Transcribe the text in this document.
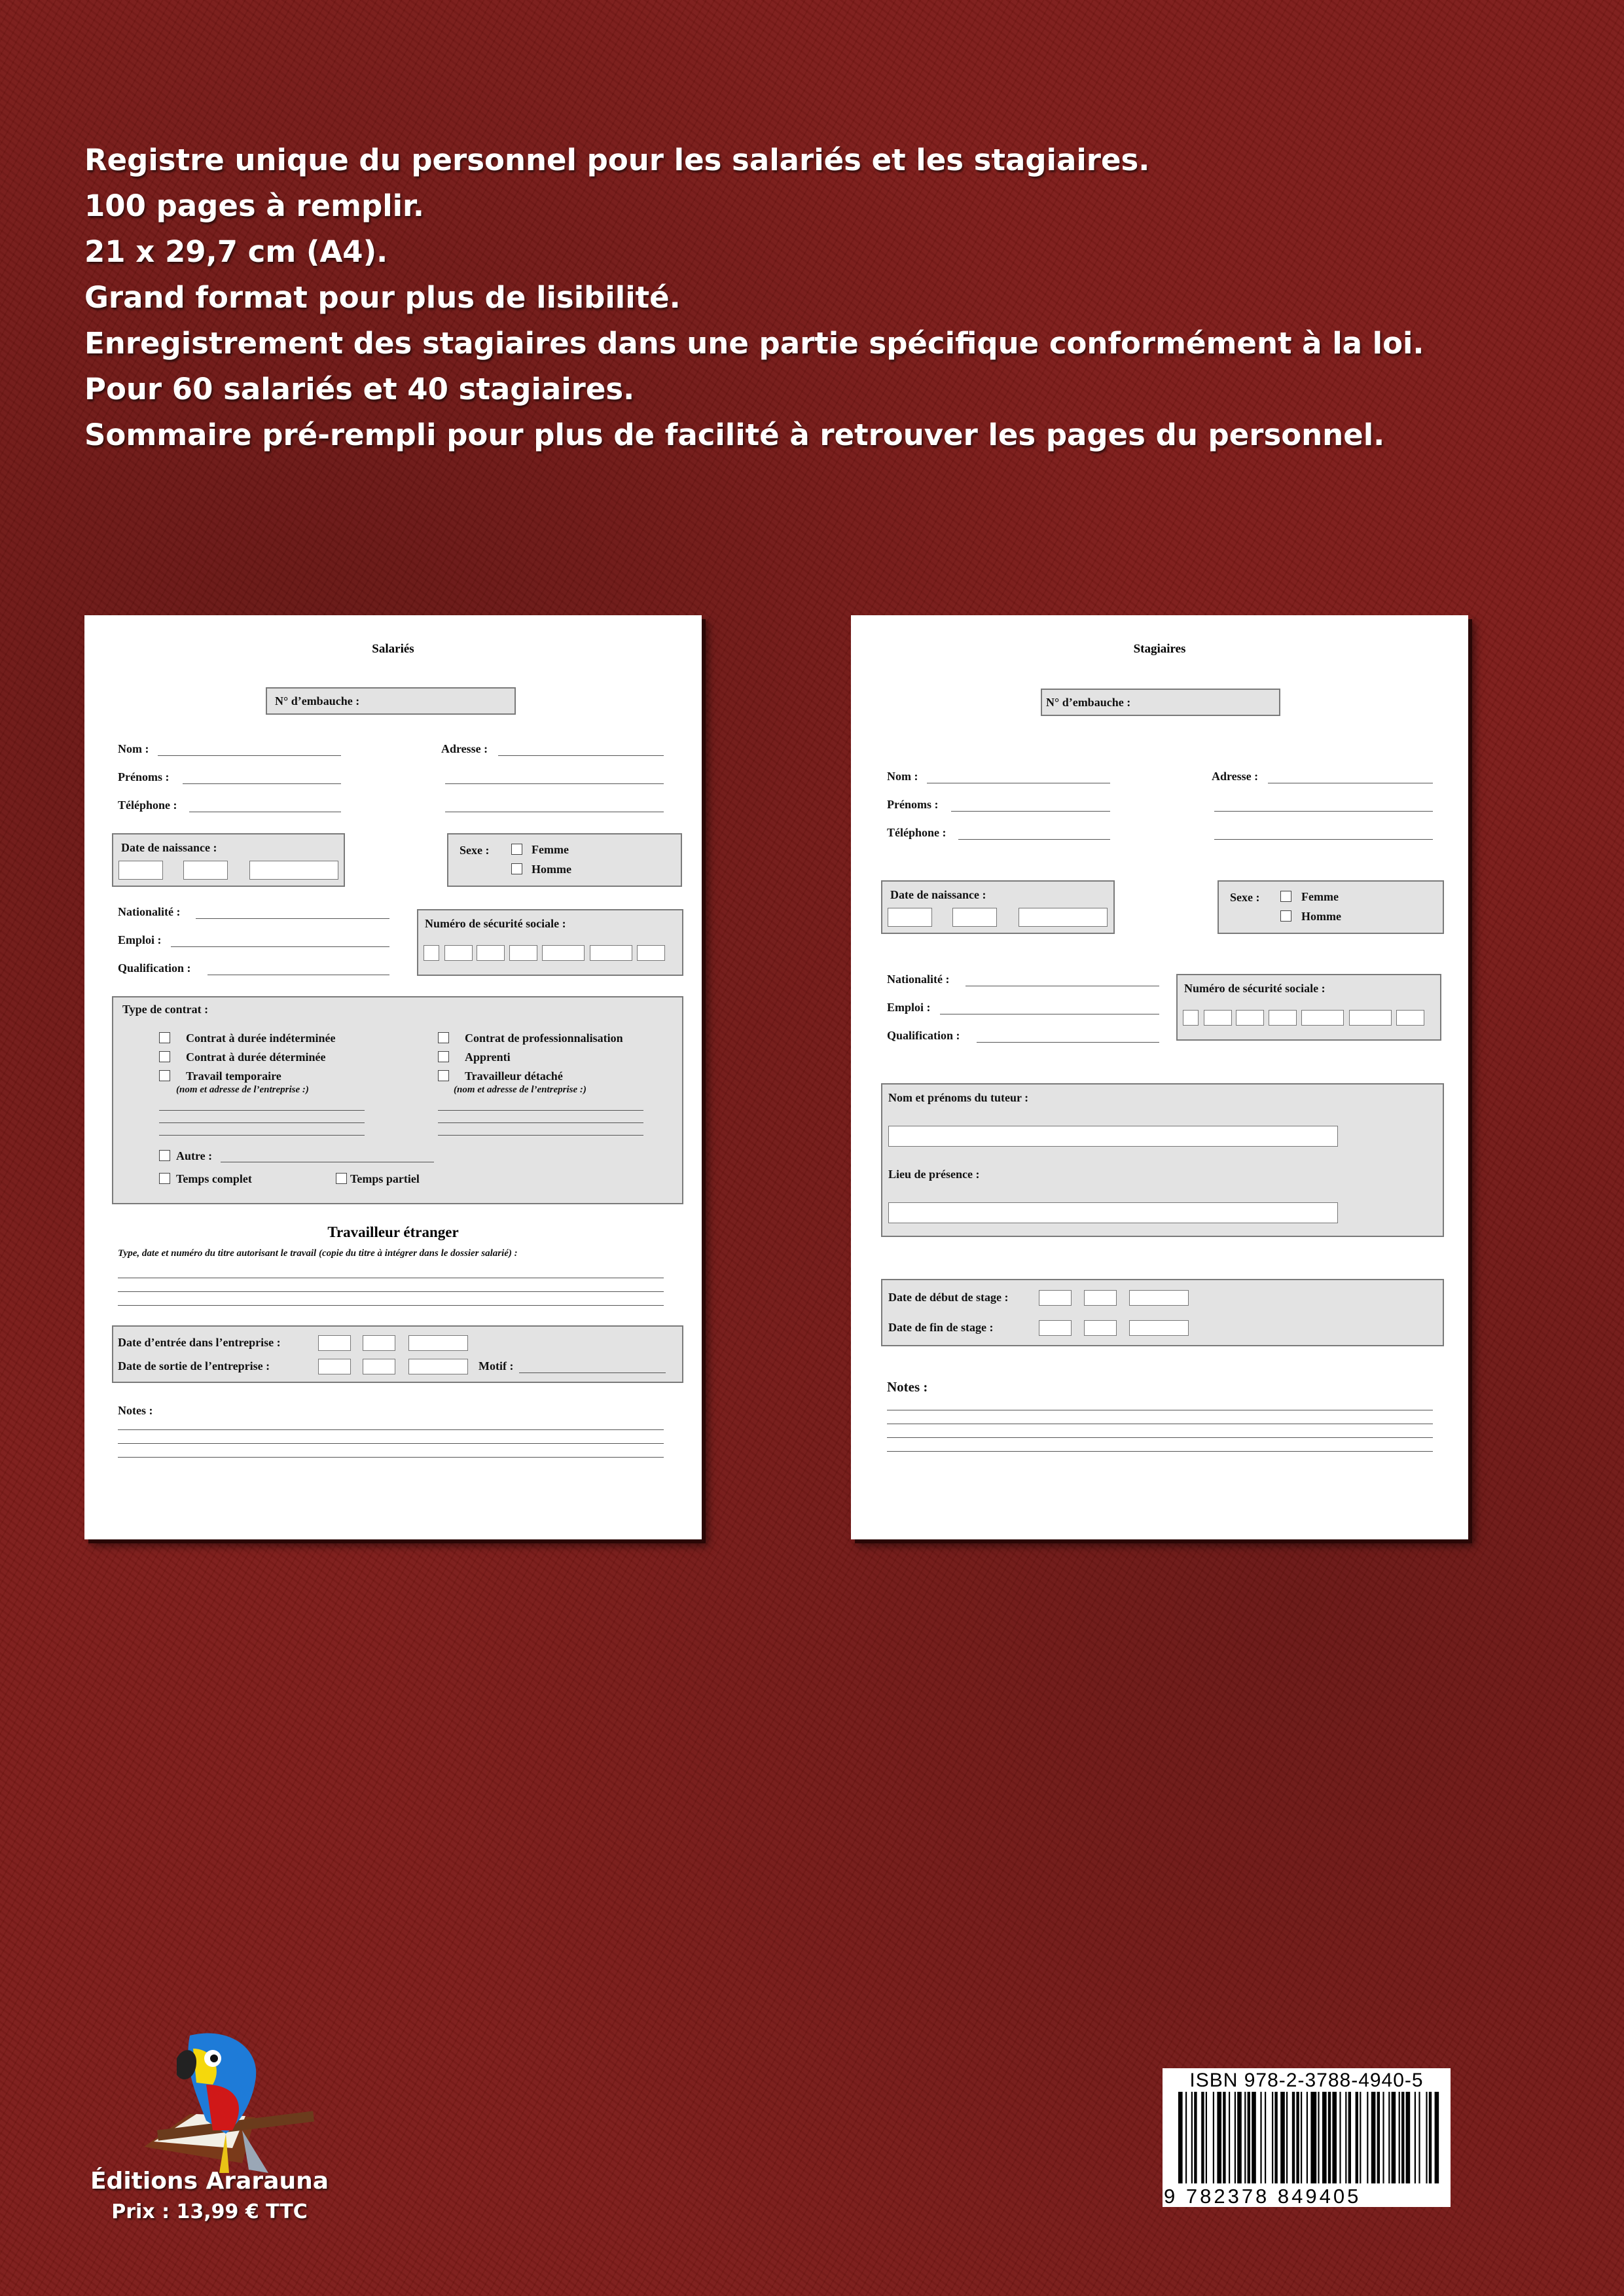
Registre unique du personnel pour les salariés et les stagiaires.
100 pages à remplir.
21 x 29,7 cm (A4).
Grand format pour plus de lisibilité.
Enregistrement des stagiaires dans une partie spécifique conformément à la loi.
Pour 60 salariés et 40 stagiaires.
Sommaire pré-rempli pour plus de facilité à retrouver les pages du personnel.
Salariés
N° d’embauche :
Nom :
Prénoms :
Téléphone :
Adresse :
Date de naissance :	Sexe :	Femme
Homme
Nationalité :
Emploi :
Qualification :
Numéro de sécurité sociale :
Type de contrat :
Contrat à durée indéterminée
Contrat à durée déterminée
Travail temporaire
(nom et adresse de l’entreprise :)
Contrat de professionnalisation
Apprenti
Travailleur détaché
(nom et adresse de l’entreprise :)
Autre :
Temps complet	Temps partiel
Travailleur étranger
Type, date et numéro du titre autorisant le travail (copie du titre à intégrer dans le dossier salarié) :
Date d’entrée dans l’entreprise :
Date de sortie de l’entreprise :	Motif :
Notes :
Stagiaires
N° d’embauche :
Nom :
Prénoms :
Téléphone :
Adresse :
Date de naissance :	Sexe :	Femme
Homme
Nationalité :
Emploi :
Qualification :
Numéro de sécurité sociale :
Nom et prénoms du tuteur :
Lieu de présence :
Date de début de stage :
Date de fin de stage :
Notes :
Éditions Ararauna
Prix : 13,99 € TTC
ISBN 978-2-3788-4940-5
9 782378 849405
